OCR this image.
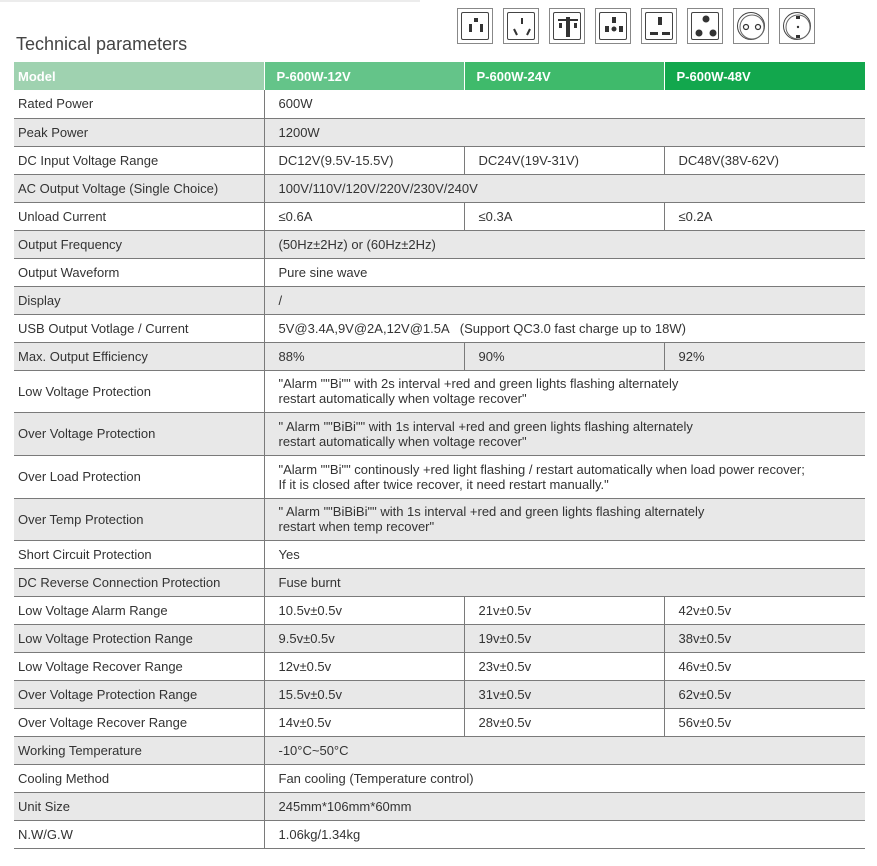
Technical parameters
Model	P-600W-12V	P-600W-24V	P-600W-48V
Rated Power	600W		
Peak Power	1200W		
DC Input Voltage Range	DC12V(9.5V-15.5V)	DC24V(19V-31V)	DC48V(38V-62V)
AC Output Voltage (Single Choice)	100V/110V/120V/220V/230V/240V		
Unload Current	≤0.6A	≤0.3A	≤0.2A
Output Frequency	(50Hz±2Hz) or (60Hz±2Hz)		
Output Waveform	Pure sine wave		
Display	/		
USB Output Votlage / Current	5V@3.4A,9V@2A,12V@1.5A   (Support QC3.0 fast charge up to 18W)		
Max. Output Efficiency	88%	90%	92%
Low Voltage Protection	"Alarm ""Bi"" with 2s interval +red and green lights flashing alternately
restart automatically when voltage recover"		
Over Voltage Protection	" Alarm ""BiBi"" with 1s interval +red and green lights flashing alternately
restart automatically when voltage recover"		
Over Load Protection	"Alarm ""Bi"" continously +red light flashing / restart automatically when load power recover;
If it is closed after twice recover, it need restart manually."		
Over Temp Protection	" Alarm ""BiBiBi"" with 1s interval +red and green lights flashing alternately
restart when temp recover"		
Short Circuit Protection	Yes		
DC Reverse Connection Protection	Fuse burnt		
Low Voltage Alarm Range	10.5v±0.5v	21v±0.5v	42v±0.5v
Low Voltage Protection Range	9.5v±0.5v	19v±0.5v	38v±0.5v
Low Voltage Recover Range	12v±0.5v	23v±0.5v	46v±0.5v
Over Voltage Protection Range	15.5v±0.5v	31v±0.5v	62v±0.5v
Over Voltage Recover Range	14v±0.5v	28v±0.5v	56v±0.5v
Working Temperature	-10°C~50°C		
Cooling Method	Fan cooling (Temperature control)		
Unit Size	245mm*106mm*60mm		
N.W/G.W	1.06kg/1.34kg		
